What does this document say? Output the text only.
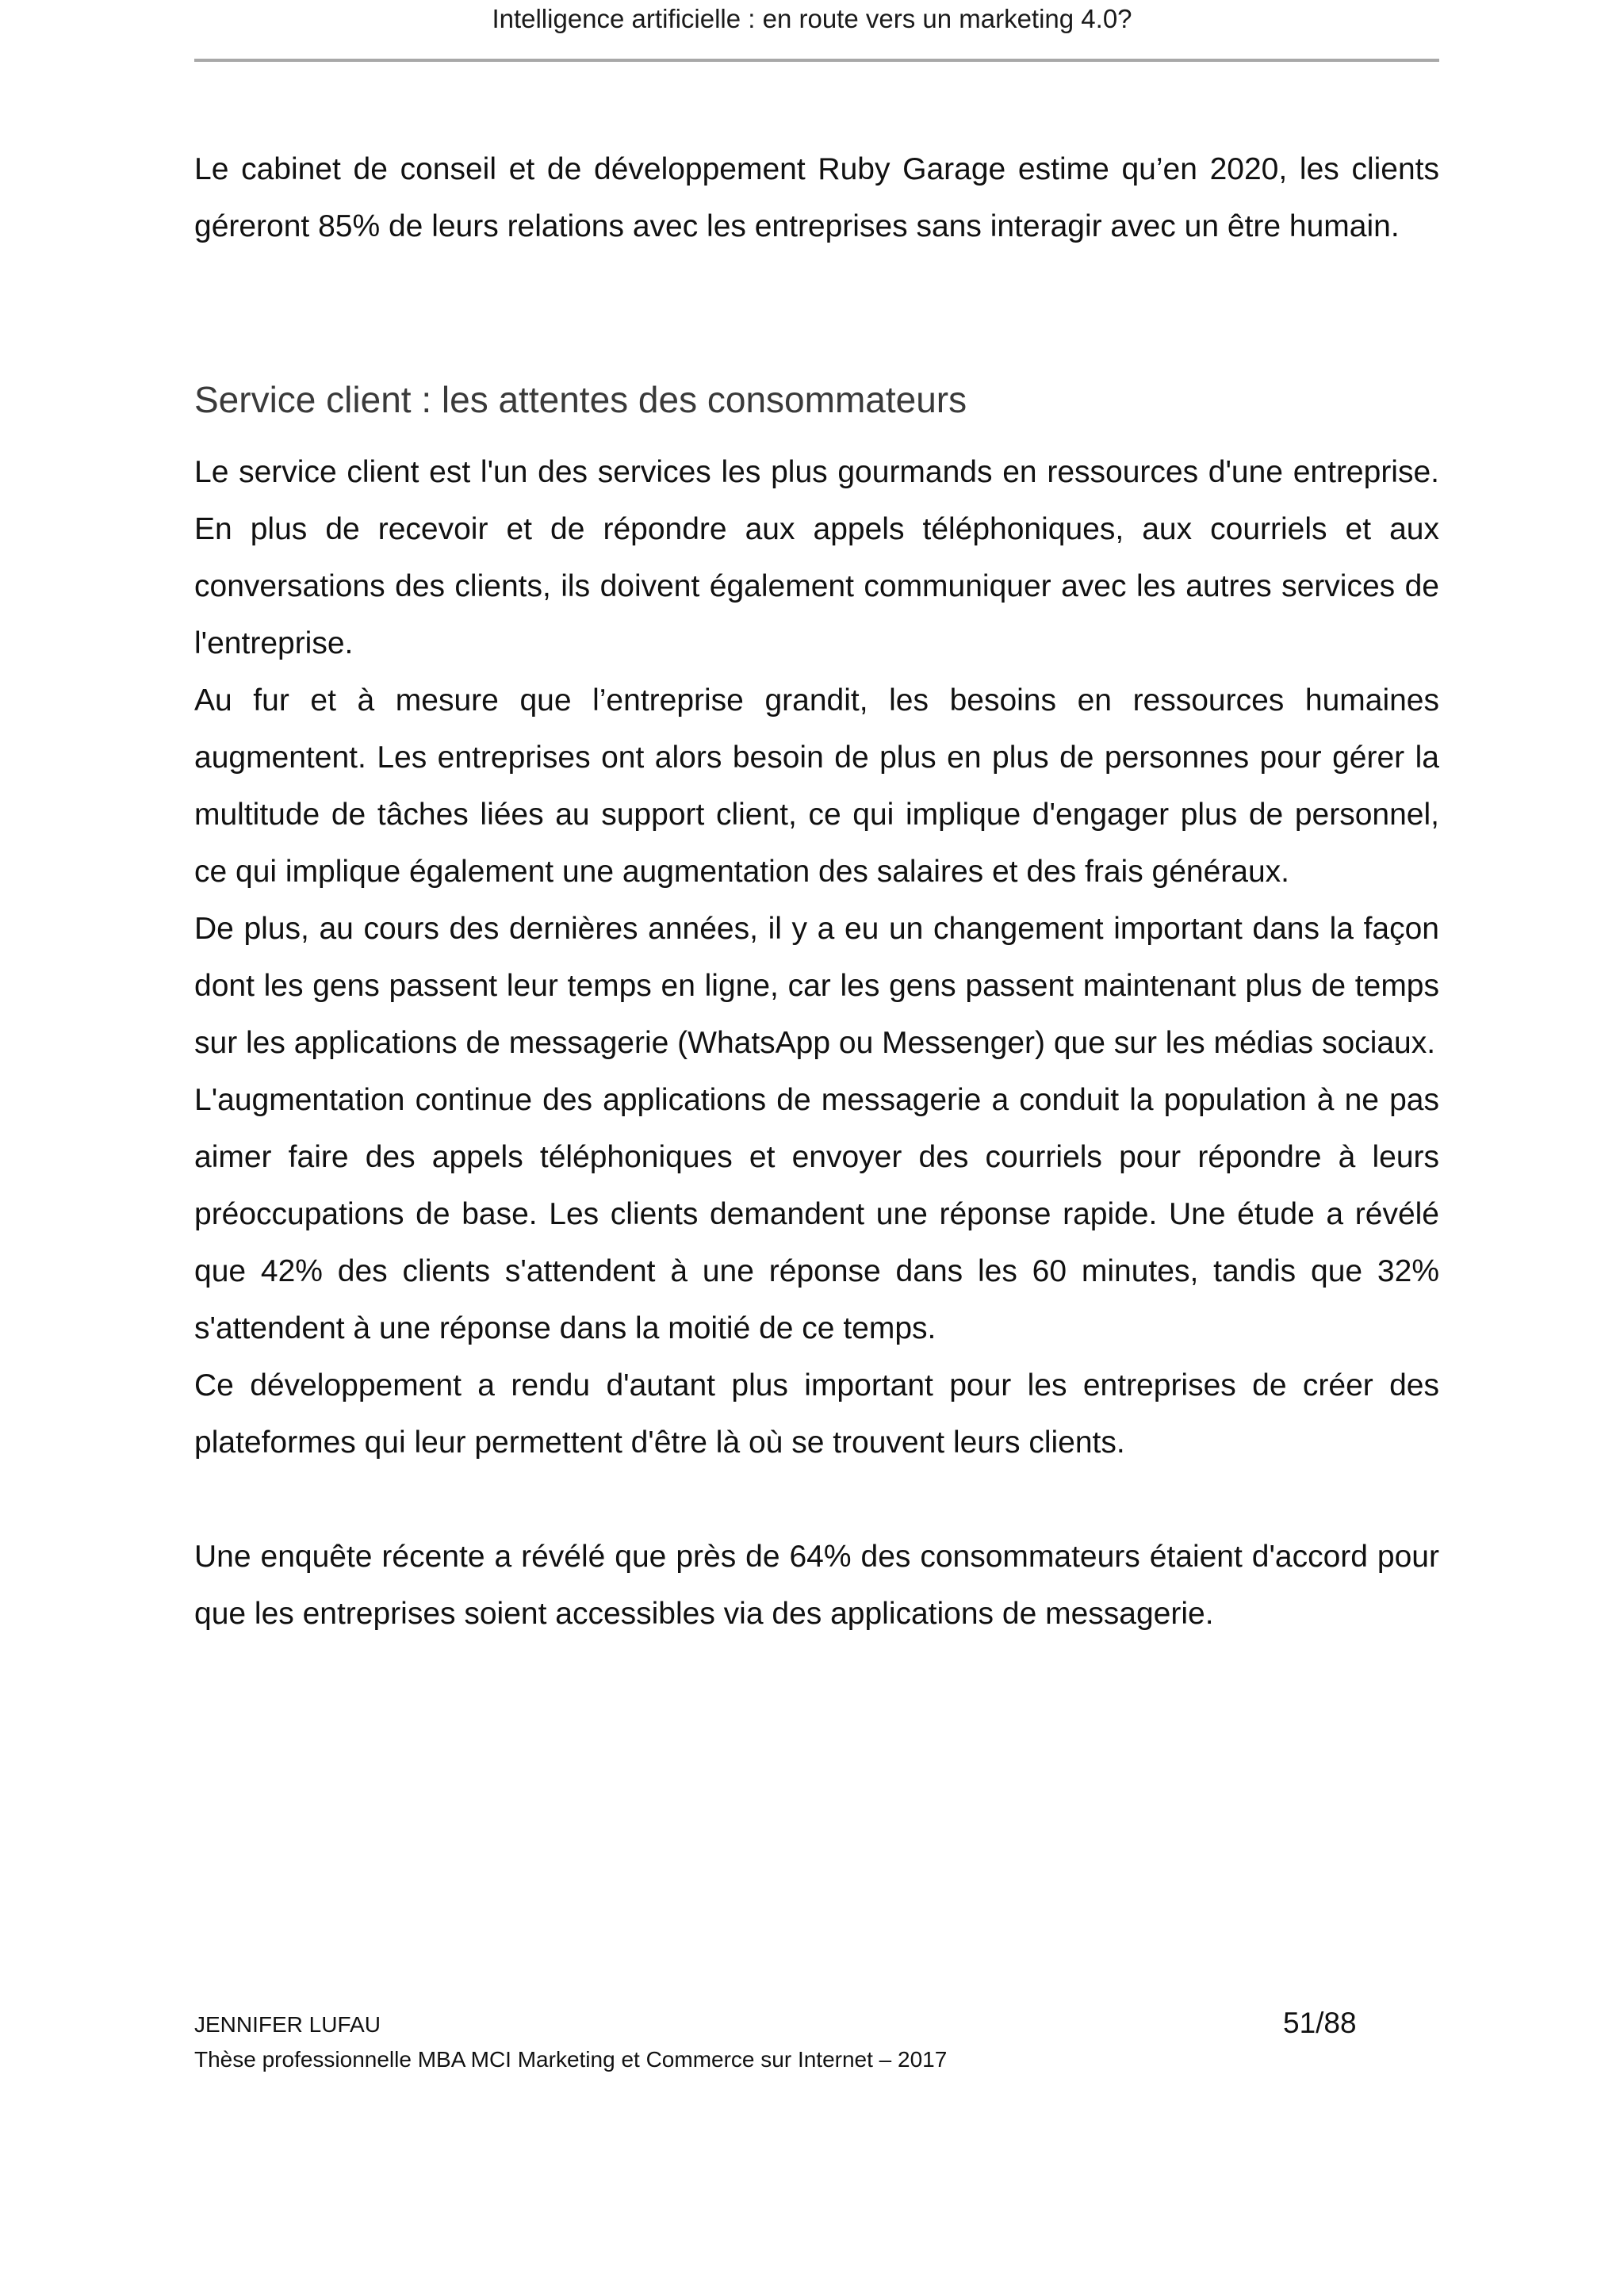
Intelligence artificielle : en route vers un marketing 4.0?

Le cabinet de conseil et de développement Ruby Garage estime qu’en 2020, les clients géreront 85% de leurs relations avec les entreprises sans interagir avec un être humain.

Service client : les attentes des consommateurs

Le service client est l'un des services les plus gourmands en ressources d'une entreprise. En plus de recevoir et de répondre aux appels téléphoniques, aux courriels et aux conversations des clients, ils doivent également communiquer avec les autres services de l'entreprise.

Au fur et à mesure que l’entreprise grandit, les besoins en ressources humaines augmentent. Les entreprises ont alors besoin de plus en plus de personnes pour gérer la multitude de tâches liées au support client, ce qui implique d'engager plus de personnel, ce qui implique également une augmentation des salaires et des frais généraux.

De plus, au cours des dernières années, il y a eu un changement important dans la façon dont les gens passent leur temps en ligne, car les gens passent maintenant plus de temps sur les applications de messagerie (WhatsApp ou Messenger) que sur les médias sociaux.

L'augmentation continue des applications de messagerie a conduit la population à ne pas aimer faire des appels téléphoniques et envoyer des courriels pour répondre à leurs préoccupations de base. Les clients demandent une réponse rapide. Une étude a révélé que 42% des clients s'attendent à une réponse dans les 60 minutes, tandis que 32% s'attendent à une réponse dans la moitié de ce temps.

Ce développement a rendu d'autant plus important pour les entreprises de créer des plateformes qui leur permettent d'être là où se trouvent leurs clients.

Une enquête récente a révélé que près de 64% des consommateurs étaient d'accord pour que les entreprises soient accessibles via des applications de messagerie.

JENNIFER LUFAU	51/88
Thèse professionnelle MBA MCI Marketing et Commerce sur Internet – 2017
